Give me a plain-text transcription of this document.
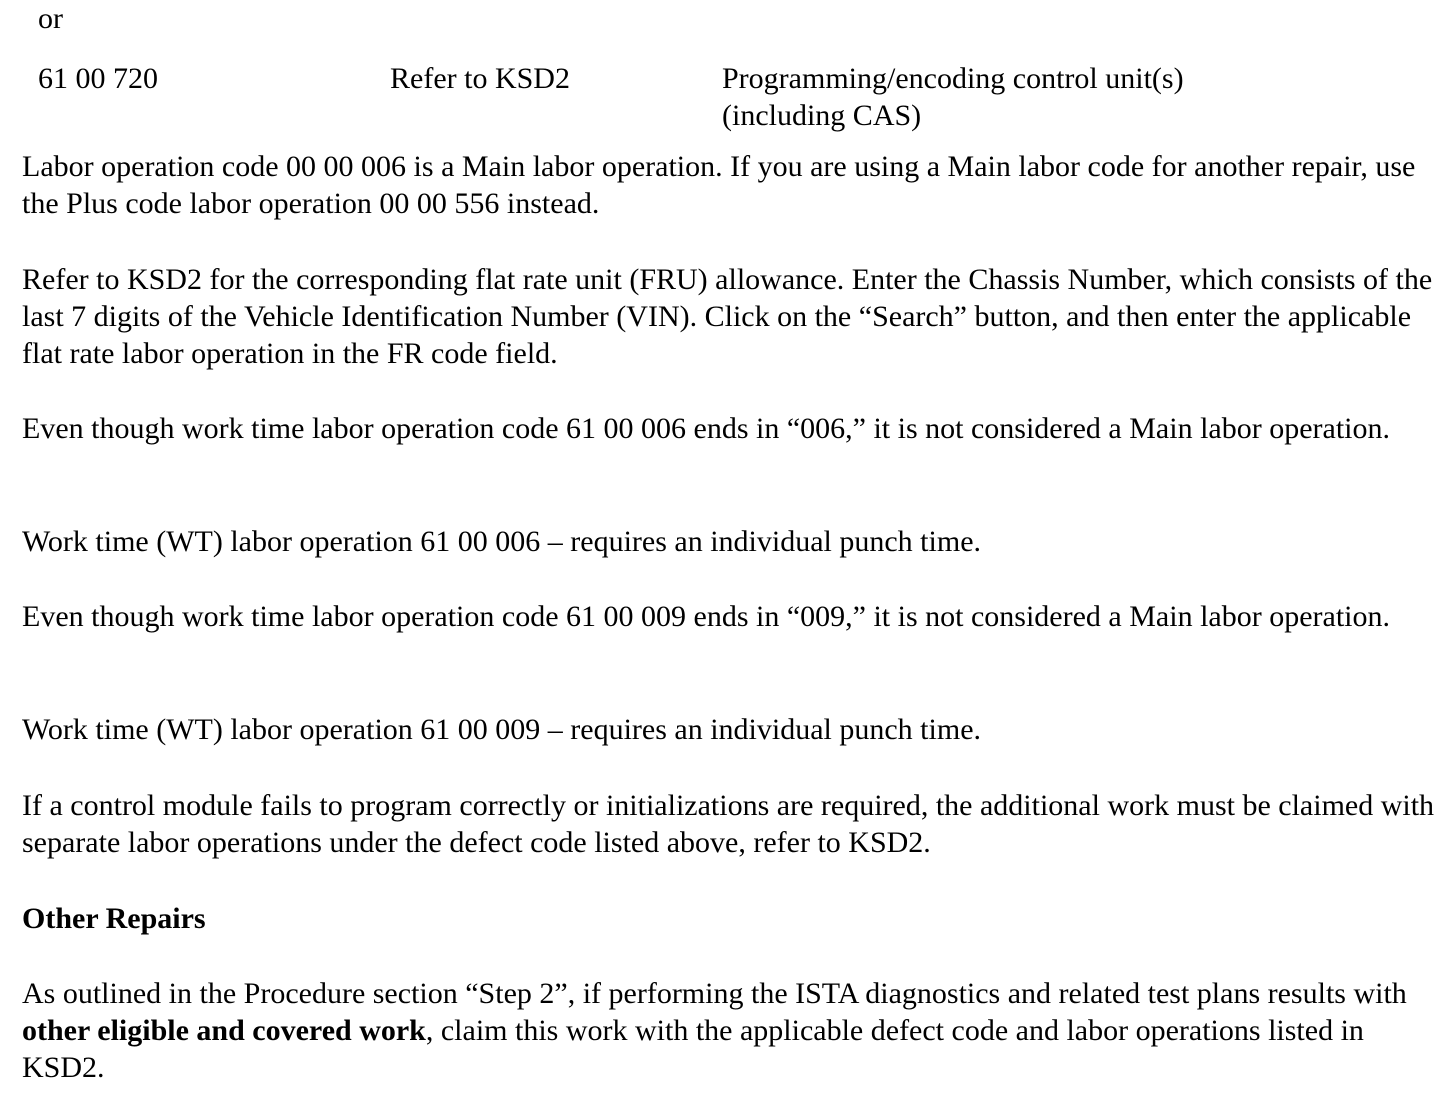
or

61 00 720	Refer to KSD2	Programming/encoding control unit(s)
(including CAS)

Labor operation code 00 00 006 is a Main labor operation. If you are using a Main labor code for another repair, use the Plus code labor operation 00 00 556 instead.

Refer to KSD2 for the corresponding flat rate unit (FRU) allowance. Enter the Chassis Number, which consists of the last 7 digits of the Vehicle Identification Number (VIN). Click on the “Search” button, and then enter the applicable flat rate labor operation in the FR code field.

Even though work time labor operation code 61 00 006 ends in “006,” it is not considered a Main labor operation.

Work time (WT) labor operation 61 00 006 – requires an individual punch time.

Even though work time labor operation code 61 00 009 ends in “009,” it is not considered a Main labor operation.

Work time (WT) labor operation 61 00 009 – requires an individual punch time.

If a control module fails to program correctly or initializations are required, the additional work must be claimed with separate labor operations under the defect code listed above, refer to KSD2.

Other Repairs

As outlined in the Procedure section “Step 2”, if performing the ISTA diagnostics and related test plans results with other eligible and covered work, claim this work with the applicable defect code and labor operations listed in KSD2.
